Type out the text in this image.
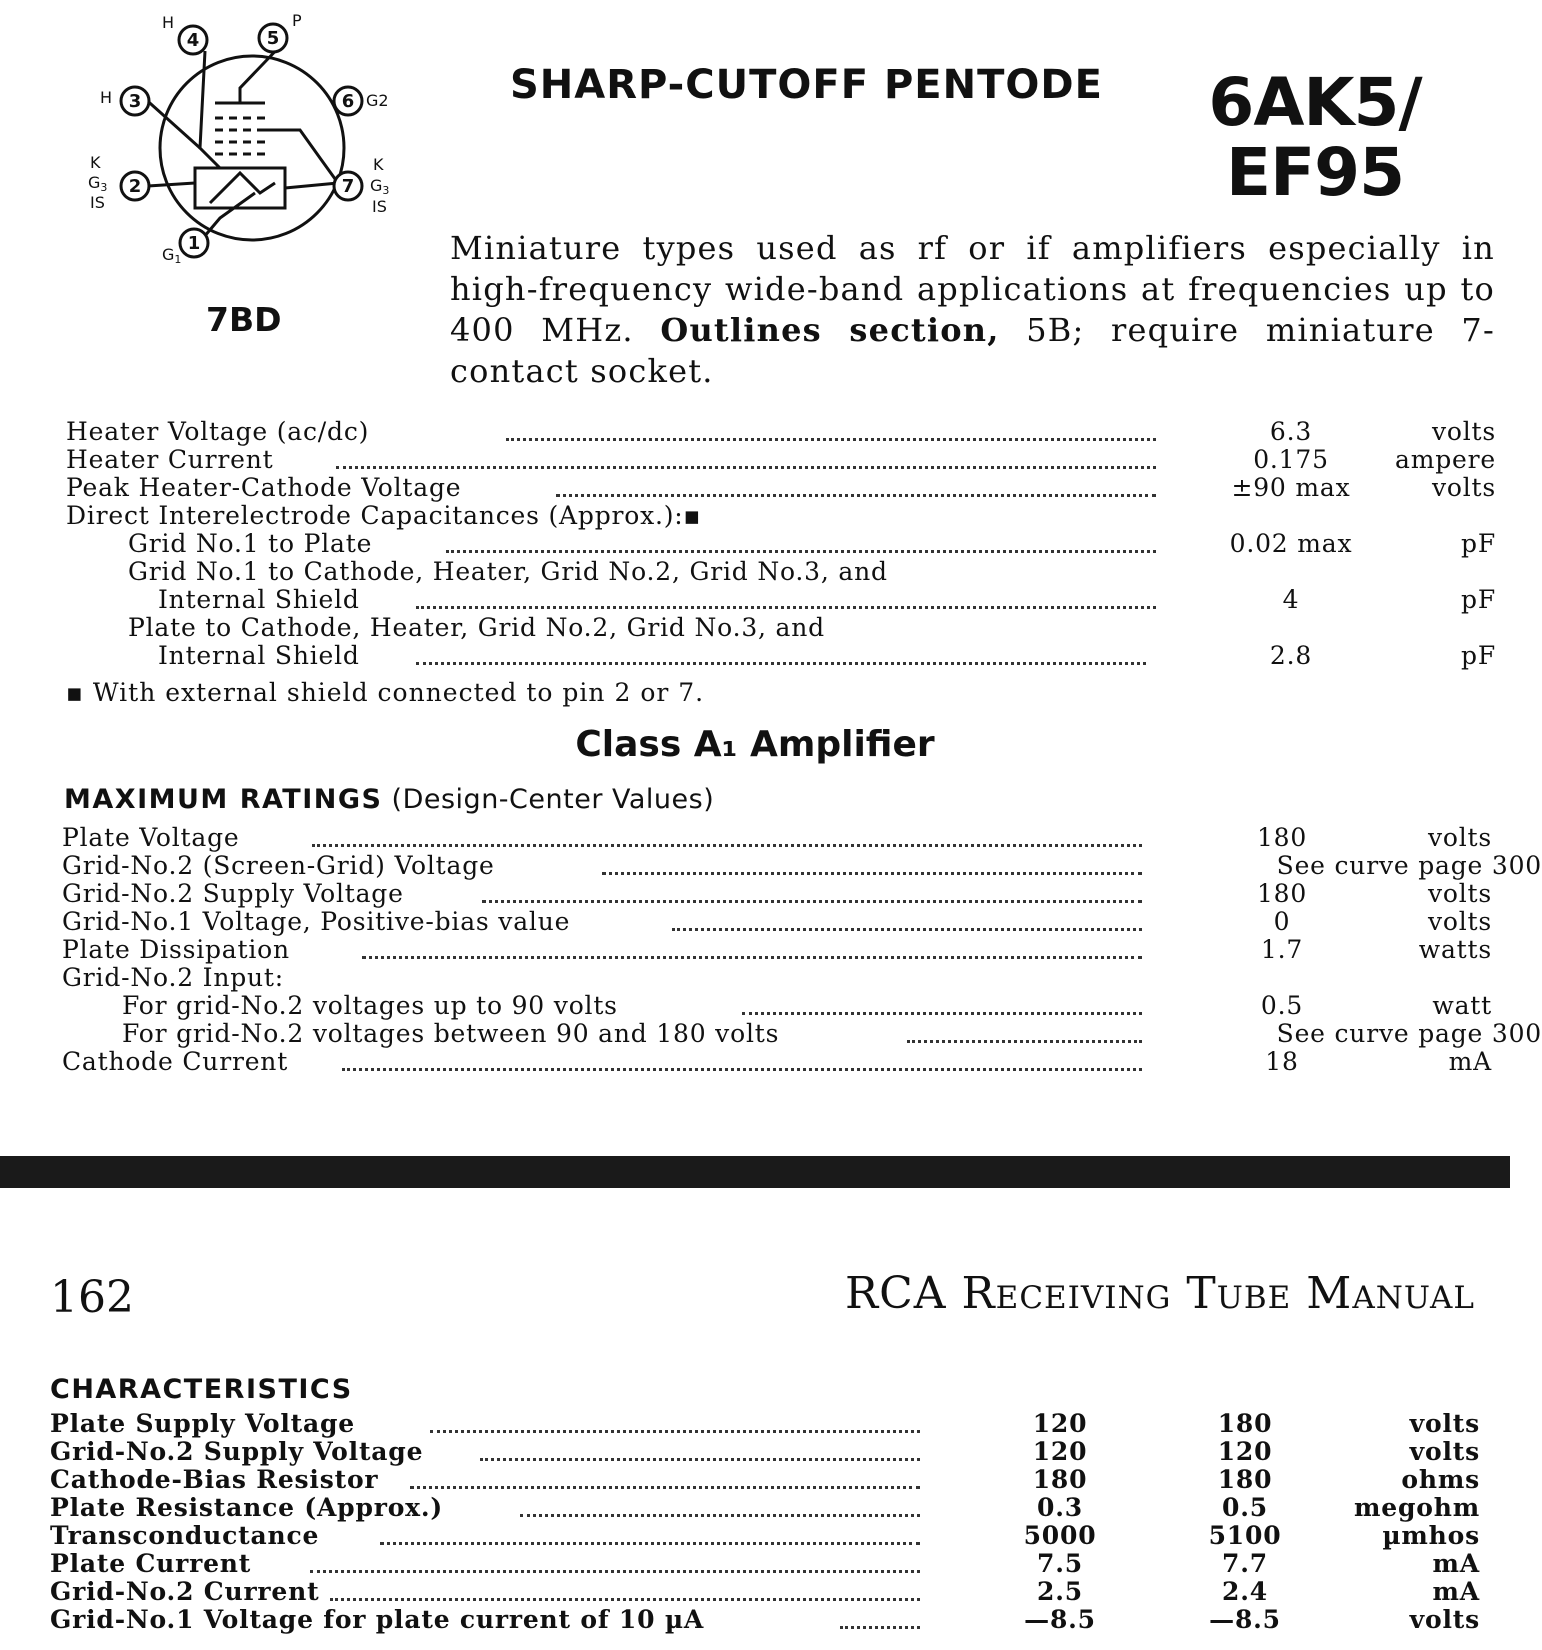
1
2
3
4	5
6
7
G1
K
G3
IS
H
H	P
G2
K
G3
IS
7BD
SHARP-CUTOFF PENTODE 6AK5/
EF95
Miniature types used as rf or if amplifiers especially in high-frequency wide-band applications at frequencies up to 400 MHz. Outlines section, 5B; require miniature 7-contact socket.
Heater Voltage (ac/dc)	6.3	volts
Heater Current	0.175	ampere
Peak Heater-Cathode Voltage	±90 max	volts
Direct Interelectrode Capacitances (Approx.):▪
Grid No.1 to Plate	0.02 max	pF
Grid No.1 to Cathode, Heater, Grid No.2, Grid No.3, and
Internal Shield	4	pF
Plate to Cathode, Heater, Grid No.2, Grid No.3, and
Internal Shield	2.8	pF
▪ With external shield connected to pin 2 or 7.
Class A₁ Amplifier
MAXIMUM RATINGS (Design-Center Values)
Plate Voltage	180	volts
Grid-No.2 (Screen-Grid) Voltage	See curve page 300
Grid-No.2 Supply Voltage	180	volts
Grid-No.1 Voltage, Positive-bias value	0	volts
Plate Dissipation	1.7	watts
Grid-No.2 Input:
For grid-No.2 voltages up to 90 volts	0.5	watt
For grid-No.2 voltages between 90 and 180 volts	See curve page 300
Cathode Current	18	mA
162	RCA Receiving Tube Manual
CHARACTERISTICS
Plate Supply Voltage	120	180	volts
Grid-No.2 Supply Voltage	120	120	volts
Cathode-Bias Resistor	180	180	ohms
Plate Resistance (Approx.)	0.3	0.5	megohm
Transconductance	5000	5100	µmhos
Plate Current	7.5	7.7	mA
Grid-No.2 Current	2.5	2.4	mA
Grid-No.1 Voltage for plate current of 10 µA	—8.5	—8.5	volts
